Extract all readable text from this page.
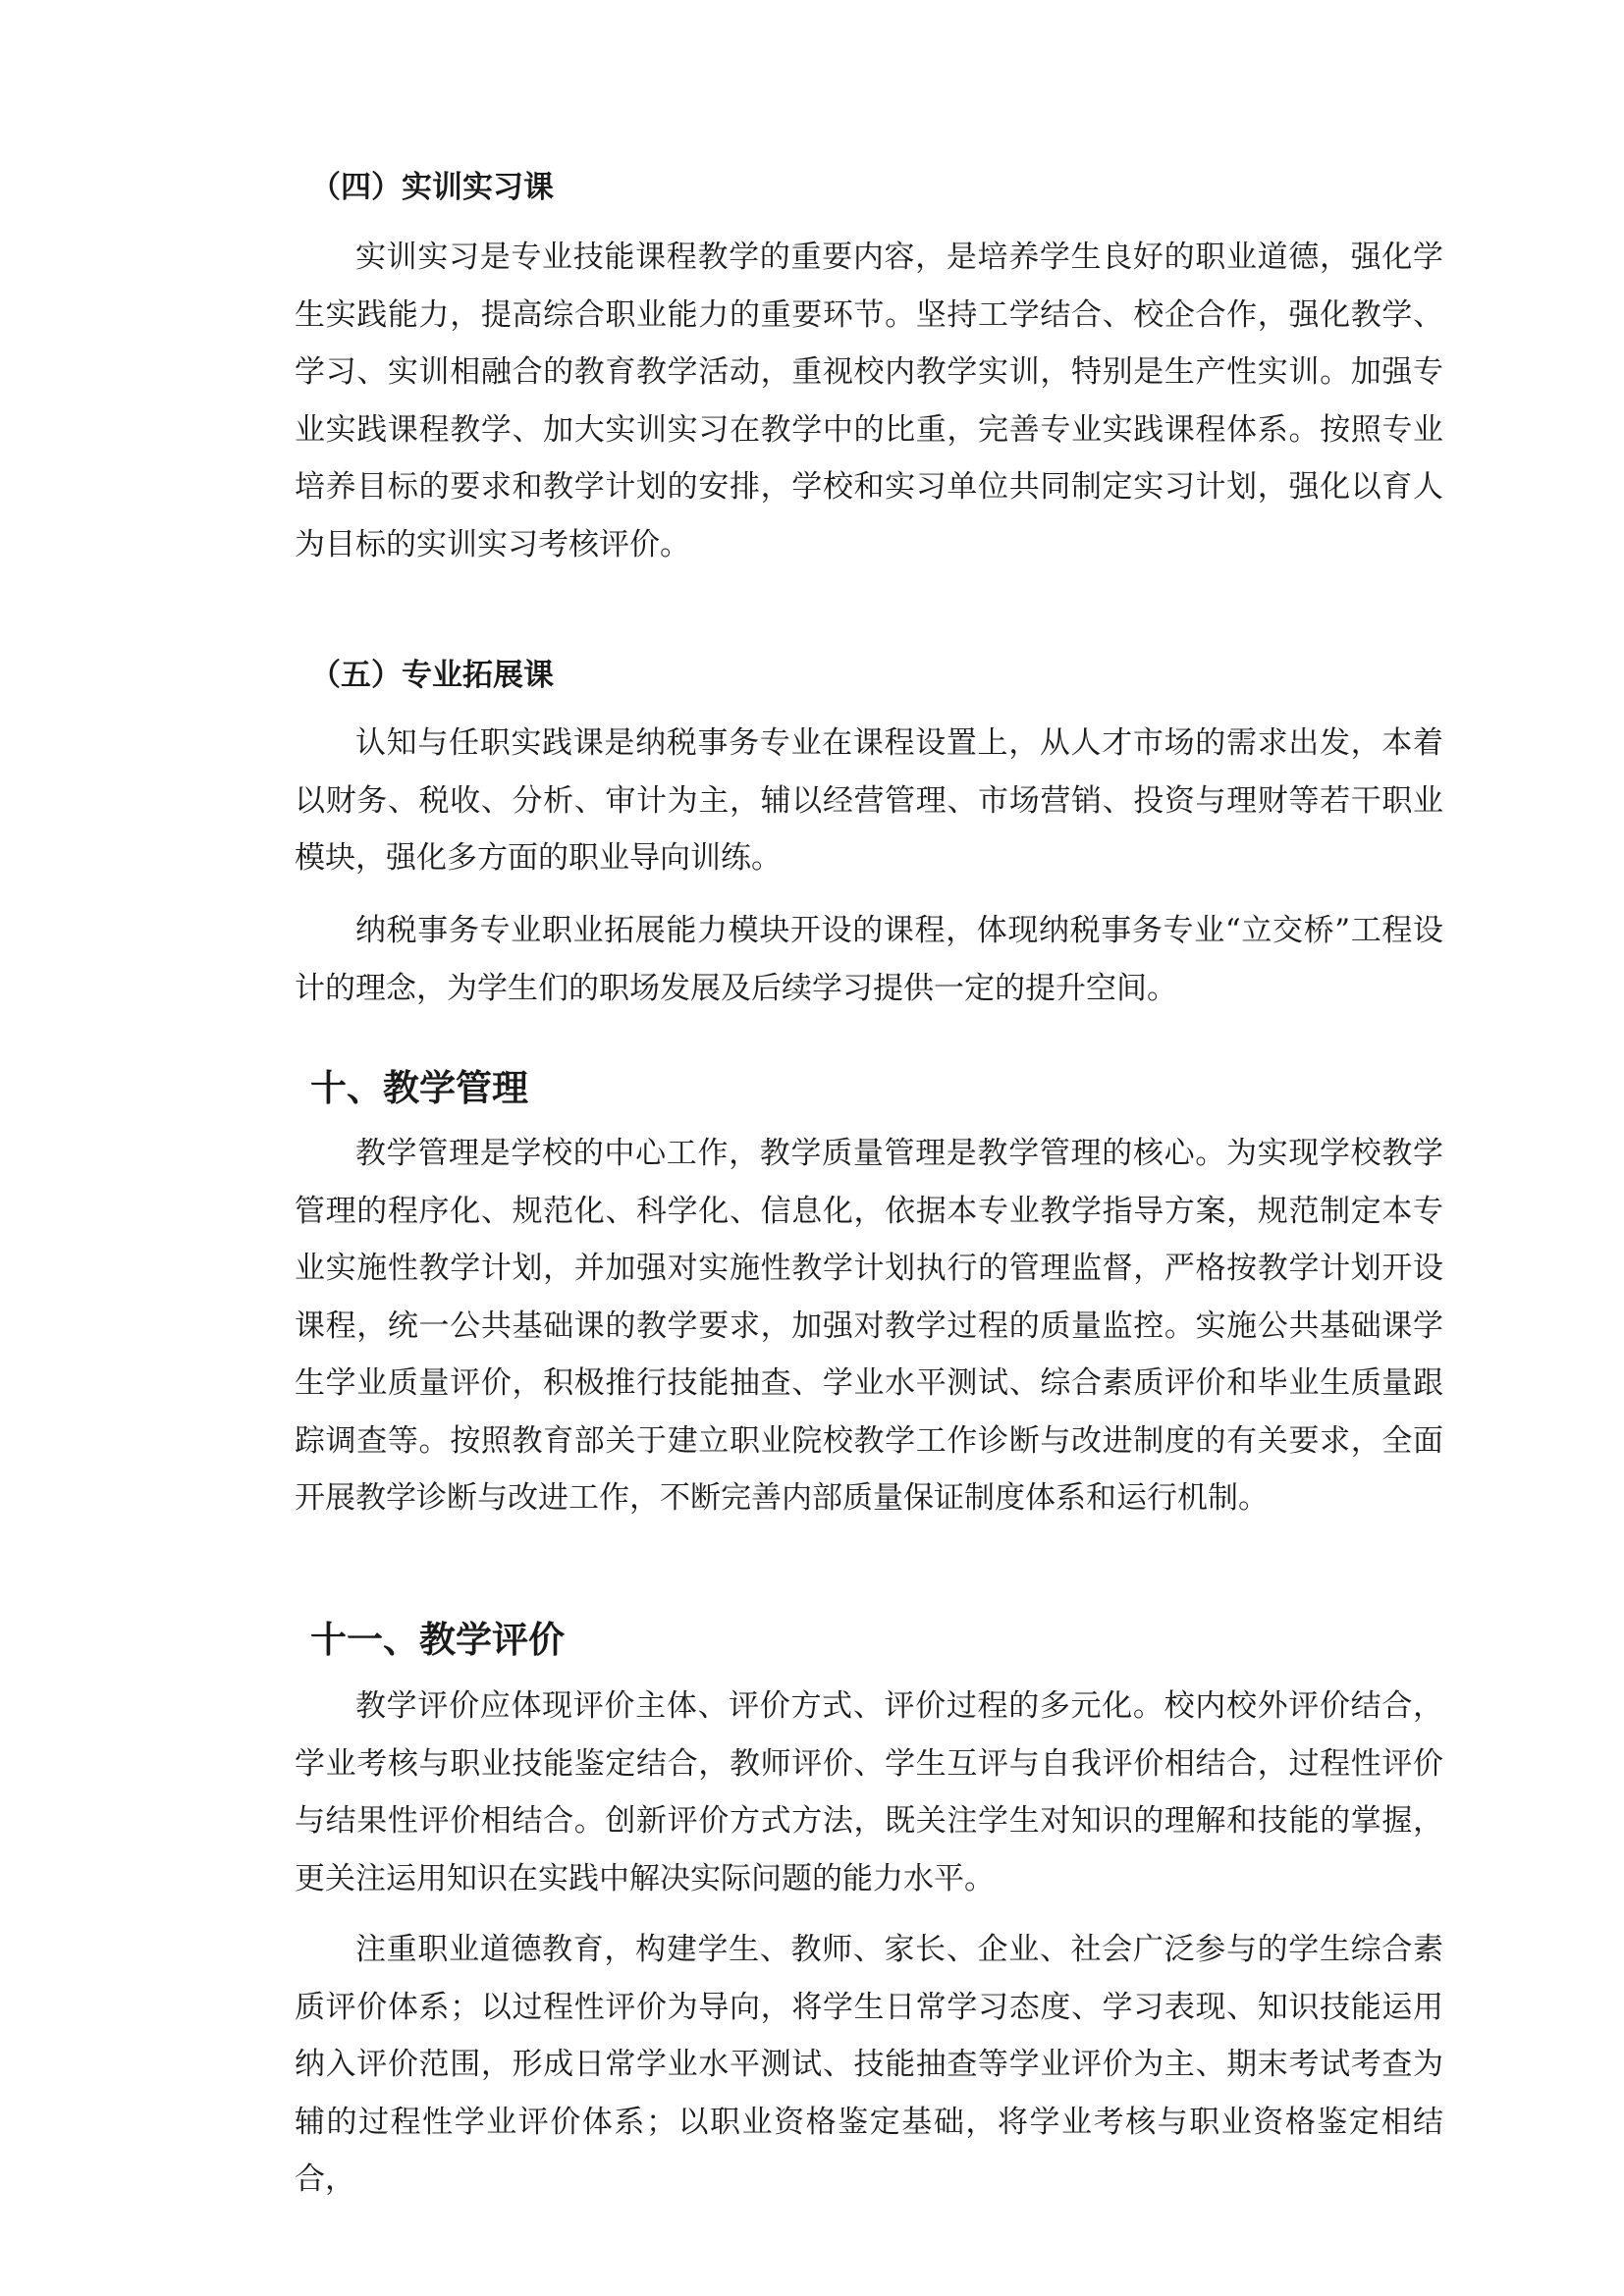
（四）实训实习课

实训实习是专业技能课程教学的重要内容，是培养学生良好的职业道德，强化学生实践能力，提高综合职业能力的重要环节。坚持工学结合、校企合作，强化教学、学习、实训相融合的教育教学活动，重视校内教学实训，特别是生产性实训。加强专业实践课程教学、加大实训实习在教学中的比重，完善专业实践课程体系。按照专业培养目标的要求和教学计划的安排，学校和实习单位共同制定实习计划，强化以育人为目标的实训实习考核评价。

（五）专业拓展课

认知与任职实践课是纳税事务专业在课程设置上，从人才市场的需求出发，本着以财务、税收、分析、审计为主，辅以经营管理、市场营销、投资与理财等若干职业模块，强化多方面的职业导向训练。

纳税事务专业职业拓展能力模块开设的课程，体现纳税事务专业“立交桥”工程设计的理念，为学生们的职场发展及后续学习提供一定的提升空间。

十、教学管理

教学管理是学校的中心工作，教学质量管理是教学管理的核心。为实现学校教学管理的程序化、规范化、科学化、信息化，依据本专业教学指导方案，规范制定本专业实施性教学计划，并加强对实施性教学计划执行的管理监督，严格按教学计划开设课程，统一公共基础课的教学要求，加强对教学过程的质量监控。实施公共基础课学生学业质量评价，积极推行技能抽查、学业水平测试、综合素质评价和毕业生质量跟踪调查等。按照教育部关于建立职业院校教学工作诊断与改进制度的有关要求，全面开展教学诊断与改进工作，不断完善内部质量保证制度体系和运行机制。

十一、教学评价

教学评价应体现评价主体、评价方式、评价过程的多元化。校内校外评价结合，学业考核与职业技能鉴定结合，教师评价、学生互评与自我评价相结合，过程性评价与结果性评价相结合。创新评价方式方法，既关注学生对知识的理解和技能的掌握，更关注运用知识在实践中解决实际问题的能力水平。

注重职业道德教育，构建学生、教师、家长、企业、社会广泛参与的学生综合素质评价体系；以过程性评价为导向，将学生日常学习态度、学习表现、知识技能运用纳入评价范围，形成日常学业水平测试、技能抽查等学业评价为主、期末考试考查为辅的过程性学业评价体系；以职业资格鉴定基础，将学业考核与职业资格鉴定相结合，
